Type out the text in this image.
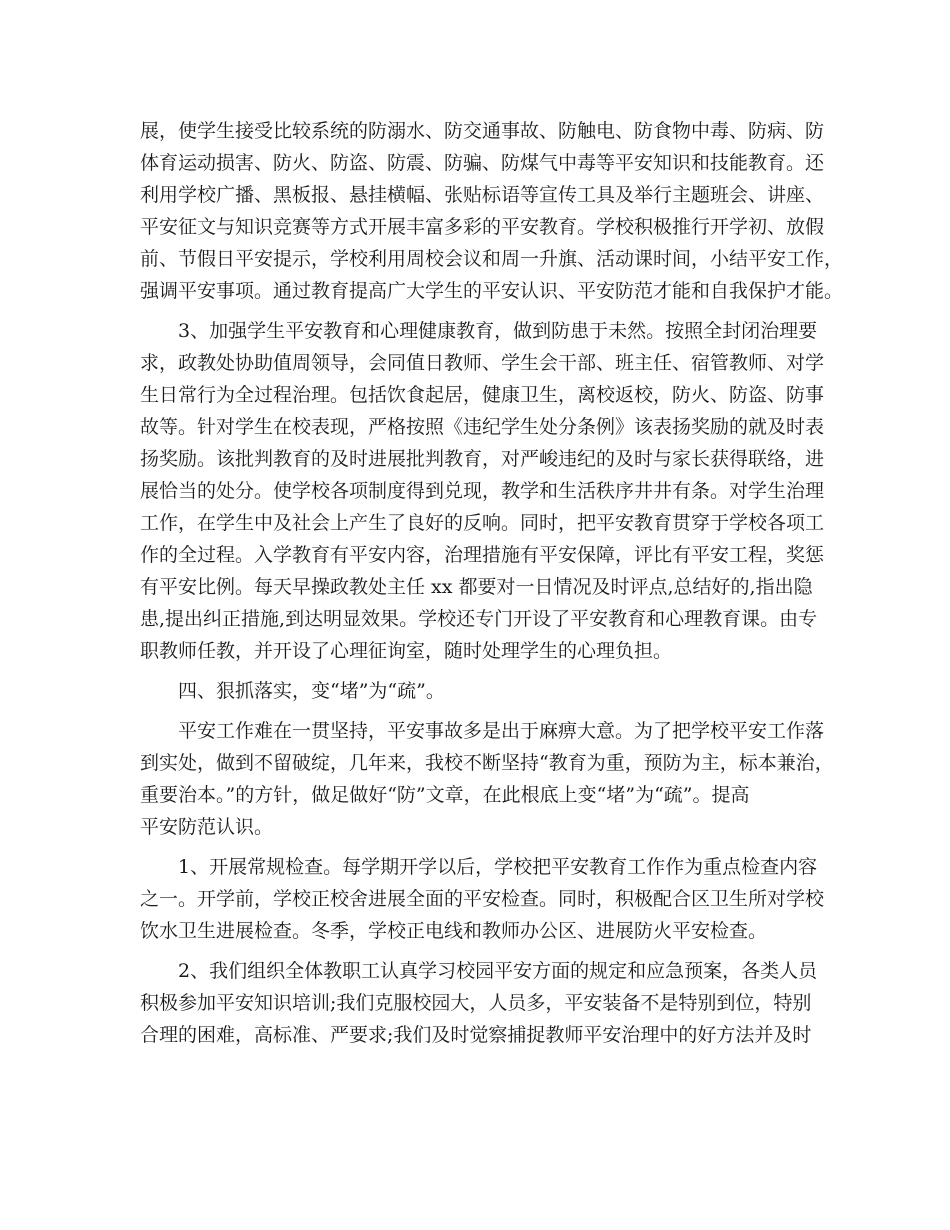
展，使学生接受比较系统的防溺水、防交通事故、防触电、防食物中毒、防病、防
体育运动损害、防火、防盗、防震、防骗、防煤气中毒等平安知识和技能教育。还
利用学校广播、黑板报、悬挂横幅、张贴标语等宣传工具及举行主题班会、讲座、
平安征文与知识竞赛等方式开展丰富多彩的平安教育。学校积极推行开学初、放假
前、节假日平安提示，学校利用周校会议和周一升旗、活动课时间，小结平安工作，
强调平安事项。通过教育提高广大学生的平安认识、平安防范才能和自我保护才能。
　　3、加强学生平安教育和心理健康教育，做到防患于未然。按照全封闭治理要
求，政教处协助值周领导，会同值日教师、学生会干部、班主任、宿管教师、对学
生日常行为全过程治理。包括饮食起居，健康卫生，离校返校，防火、防盗、防事
故等。针对学生在校表现，严格按照《违纪学生处分条例》该表扬奖励的就及时表
扬奖励。该批判教育的及时进展批判教育，对严峻违纪的及时与家长获得联络，进
展恰当的处分。使学校各项制度得到兑现，教学和生活秩序井井有条。对学生治理
工作，在学生中及社会上产生了良好的反响。同时，把平安教育贯穿于学校各项工
作的全过程。入学教育有平安内容，治理措施有平安保障，评比有平安工程，奖惩
有平安比例。每天早操政教处主任 xx 都要对一日情况及时评点,总结好的,指出隐
患,提出纠正措施,到达明显效果。学校还专门开设了平安教育和心理教育课。由专
职教师任教，并开设了心理征询室，随时处理学生的心理负担。
　　四、狠抓落实，变“堵”为“疏”。
　　平安工作难在一贯坚持，平安事故多是出于麻痹大意。为了把学校平安工作落
到实处，做到不留破绽，几年来，我校不断坚持“教育为重，预防为主，标本兼治，
重要治本。”的方针，做足做好“防”文章，在此根底上变“堵”为“疏”。提高
平安防范认识。
　　1、开展常规检查。每学期开学以后，学校把平安教育工作作为重点检查内容
之一。开学前，学校正校舍进展全面的平安检查。同时，积极配合区卫生所对学校
饮水卫生进展检查。冬季，学校正电线和教师办公区、进展防火平安检查。
　　2、我们组织全体教职工认真学习校园平安方面的规定和应急预案，各类人员
积极参加平安知识培训;我们克服校园大，人员多，平安装备不是特别到位，特别
合理的困难，高标准、严要求;我们及时觉察捕捉教师平安治理中的好方法并及时
